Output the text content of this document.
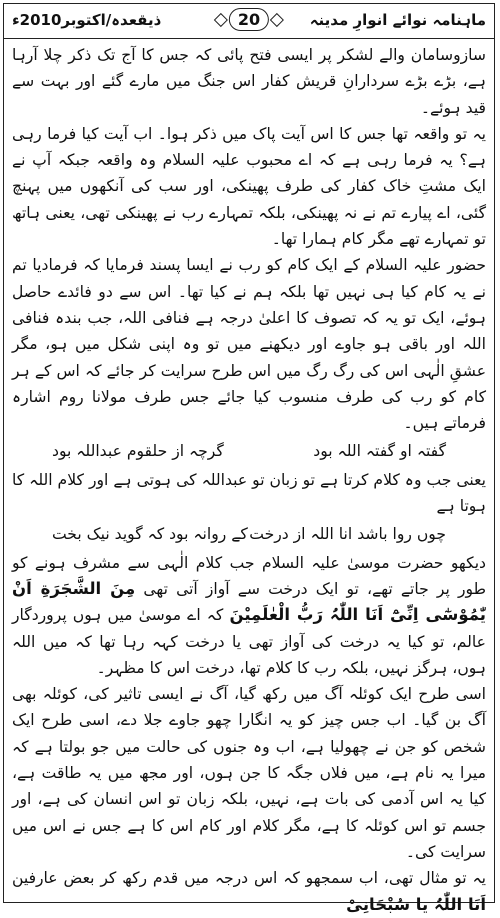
ماہنامہ نوائے انوارِ مدینہ
20
ذیقعدہ/اکتوبر2010ء

سازوسامان والے لشکر پر ایسی فتح پائی کہ جس کا آج تک ذکر چلا آرہا ہے، بڑے بڑے سردارانِ قریش کفار اس جنگ میں مارے گئے اور بہت سے قید ہوئے۔

یہ تو واقعہ تھا جس کا اس آیت پاک میں ذکر ہوا۔ اب آیت کیا فرما رہی ہے؟ یہ فرما رہی ہے کہ اے محبوب علیہ السلام وہ واقعہ جبکہ آپ نے ایک مشتِ خاک کفار کی طرف پھینکی، اور سب کی آنکھوں میں پہنچ گئی، اے پیارے تم نے نہ پھینکی، بلکہ تمہارے رب نے پھینکی تھی، یعنی ہاتھ تو تمہارے تھے مگر کام ہمارا تھا۔

حضور علیہ السلام کے ایک کام کو رب نے ایسا پسند فرمایا کہ فرمادیا تم نے یہ کام کیا ہی نہیں تھا بلکہ ہم نے کیا تھا۔ اس سے دو فائدے حاصل ہوئے، ایک تو یہ کہ تصوف کا اعلیٰ درجہ ہے فنافی اللہ، جب بندہ فنافی اللہ اور باقی ہو جاوے اور دیکھنے میں تو وہ اپنی شکل میں ہو، مگر عشقِ الٰہی اس کی رگ رگ میں اس طرح سرایت کر جائے کہ اس کے ہر کام کو رب کی طرف منسوب کیا جائے جس طرف مولانا روم اشارہ فرماتے ہیں۔

گفتہ او گفتہ اللہ بود
گرچہ از حلقوم عبداللہ بود

یعنی جب وہ کلام کرتا ہے تو زبان تو عبداللہ کی ہوتی ہے اور کلام اللہ کا ہوتا ہے

چوں روا باشد انا اللہ از درخت
کے روانہ بود کہ گوید نیک بخت

دیکھو حضرت موسیٰ علیہ السلام جب کلام الٰہی سے مشرف ہونے کو طور پر جاتے تھے، تو ایک درخت سے آواز آتی تھی مِنَ الشَّجَرَةِ اَنْ یّٰمُوْسٰٓی اِنِّیْٓ اَنَا اللّٰہُ رَبُّ الْعٰلَمِیْنَ کہ اے موسیٰ میں ہوں پروردگار عالم، تو کیا یہ درخت کی آواز تھی یا درخت کہہ رہا تھا کہ میں اللہ ہوں، ہرگز نہیں، بلکہ رب کا کلام تھا، درخت اس کا مظہر۔

اسی طرح ایک کوئلہ آگ میں رکھ گیا، آگ نے ایسی تاثیر کی، کوئلہ بھی آگ بن گیا۔ اب جس چیز کو یہ انگارا چھو جاوے جلا دے، اسی طرح ایک شخص کو جن نے چھولیا ہے، اب وہ جنوں کی حالت میں جو بولتا ہے کہ میرا یہ نام ہے، میں فلاں جگہ کا جن ہوں، اور مجھ میں یہ طاقت ہے، کیا یہ اس آدمی کی بات ہے، نہیں، بلکہ زبان تو اس انسان کی ہے، اور جسم تو اس کوئلہ کا ہے، مگر کلام اور کام اس کا ہے جس نے اس میں سرایت کی۔

یہ تو مثال تھی، اب سمجھو کہ اس درجہ میں قدم رکھ کر بعض عارفین اَنَا اللّٰہُ یا سُبْحَانِیْ
